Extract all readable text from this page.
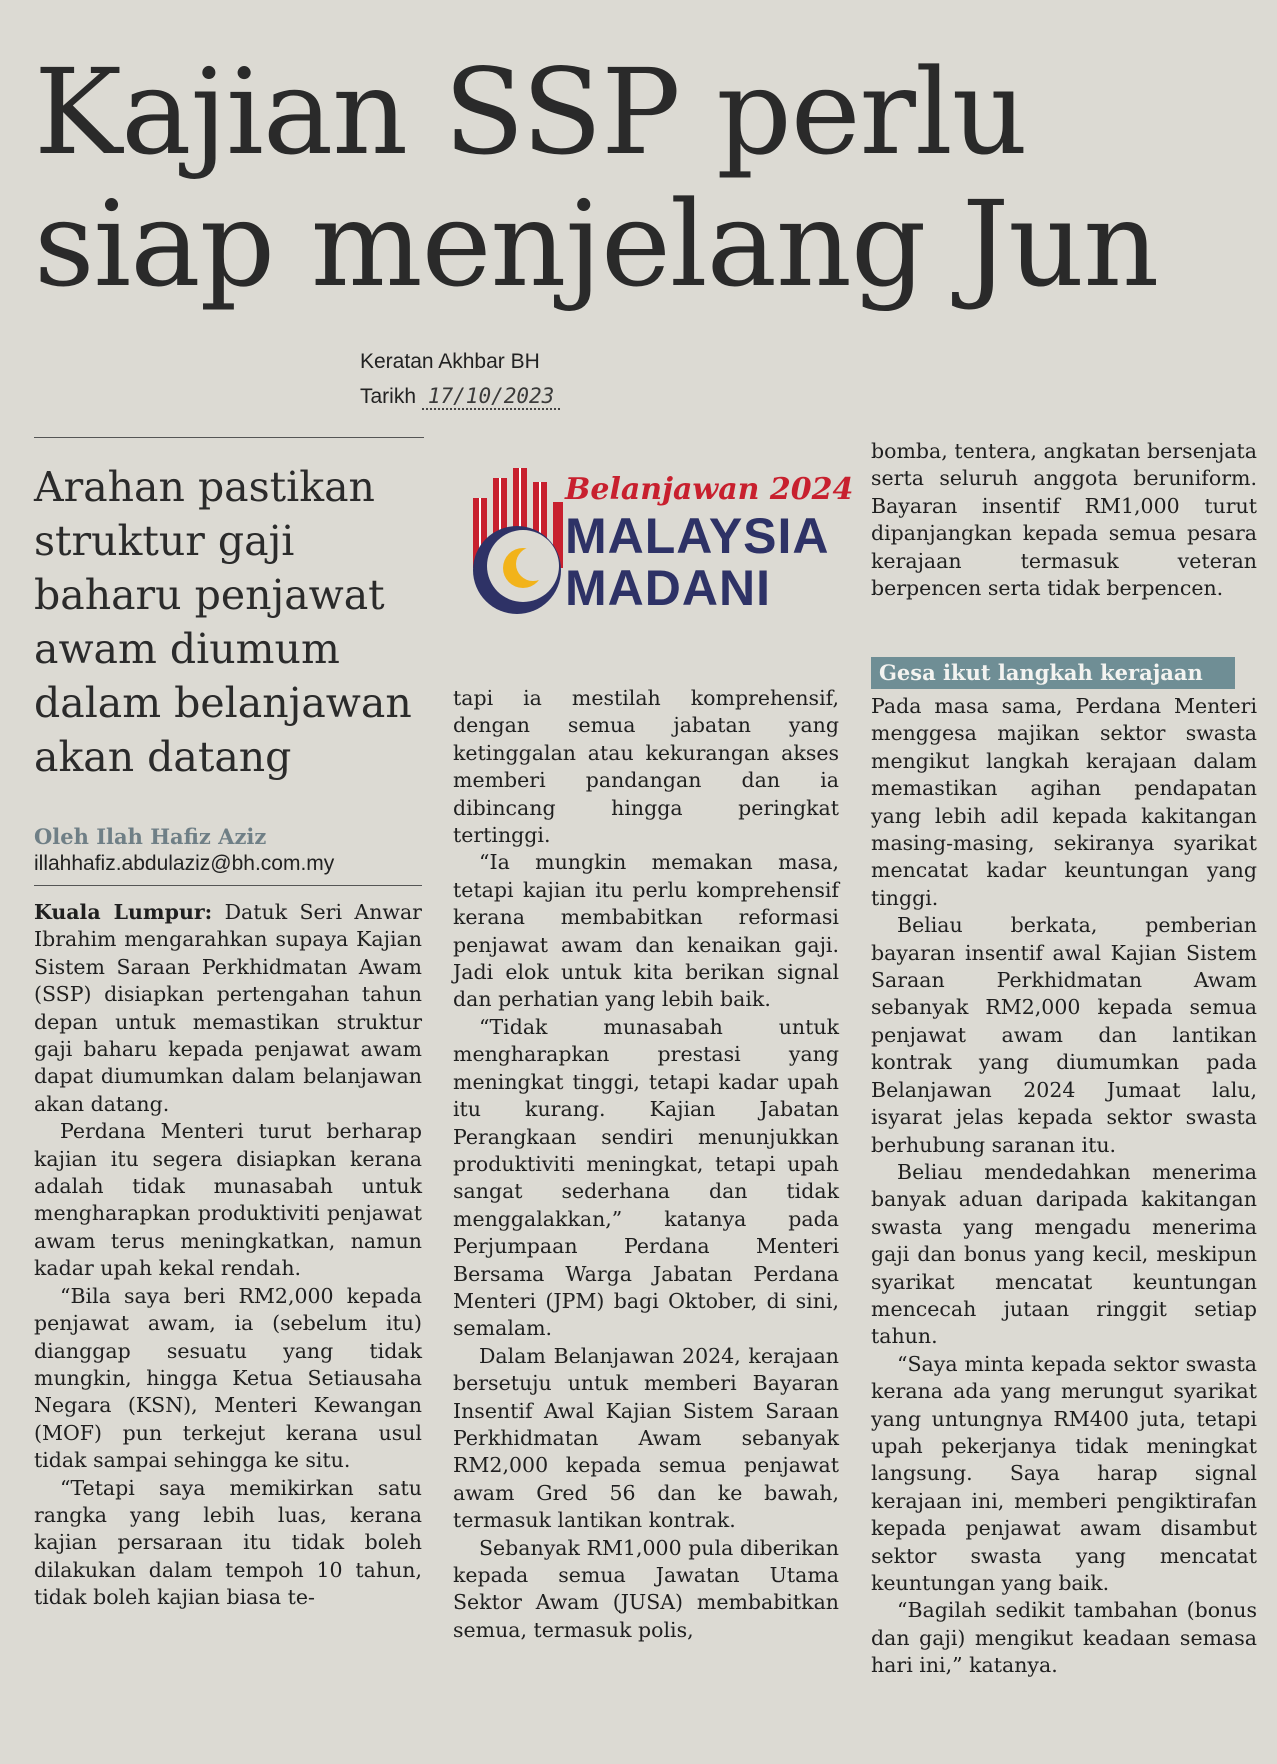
Kajian SSP perlu
siap menjelang Jun
Keratan Akhbar BH
Tarikh 17/10/2023
Arahan pastikan struktur gaji baharu penjawat awam diumum dalam belanjawan akan datang
Oleh Ilah Hafiz Aziz
illahhafiz.abdulaziz@bh.com.my
Belanjawan 2024
MALAYSIA
MADANI

Kuala Lumpur: Datuk Seri Anwar Ibrahim mengarahkan supaya Kajian Sistem Saraan Perkhidmatan Awam (SSP) disiapkan pertengahan tahun depan untuk memastikan struktur gaji baharu kepada penjawat awam dapat diumumkan dalam belanjawan akan datang.

Perdana Menteri turut berharap kajian itu segera disiapkan kerana adalah tidak munasabah untuk mengharapkan produktiviti penjawat awam terus meningkatkan, namun kadar upah kekal rendah.

“Bila saya beri RM2,000 kepada penjawat awam, ia (sebelum itu) dianggap sesuatu yang tidak mungkin, hingga Ketua Setiausaha Negara (KSN), Menteri Kewangan (MOF) pun terkejut kerana usul tidak sampai sehingga ke situ.

“Tetapi saya memikirkan satu rangka yang lebih luas, kerana kajian persaraan itu tidak boleh dilakukan dalam tempoh 10 tahun, tidak boleh kajian biasa te-

tapi ia mestilah komprehensif, dengan semua jabatan yang ketinggalan atau kekurangan akses memberi pandangan dan ia dibincang hingga peringkat tertinggi.

“Ia mungkin memakan masa, tetapi kajian itu perlu komprehensif kerana membabitkan reformasi penjawat awam dan kenaikan gaji. Jadi elok untuk kita berikan signal dan perhatian yang lebih baik.

“Tidak munasabah untuk mengharapkan prestasi yang meningkat tinggi, tetapi kadar upah itu kurang. Kajian Jabatan Perangkaan sendiri menunjukkan produktiviti meningkat, tetapi upah sangat sederhana dan tidak menggalakkan,” katanya pada Perjumpaan Perdana Menteri Bersama Warga Jabatan Perdana Menteri (JPM) bagi Oktober, di sini, semalam.

Dalam Belanjawan 2024, kerajaan bersetuju untuk memberi Bayaran Insentif Awal Kajian Sistem Saraan Perkhidmatan Awam sebanyak RM2,000 kepada semua penjawat awam Gred 56 dan ke bawah, termasuk lantikan kontrak.

Sebanyak RM1,000 pula diberikan kepada semua Jawatan Utama Sektor Awam (JUSA) membabitkan semua, termasuk polis,

bomba, tentera, angkatan bersenjata serta seluruh anggota beruniform. Bayaran insentif RM1,000 turut dipanjangkan kepada semua pesara kerajaan termasuk veteran berpencen serta tidak berpencen.

Gesa ikut langkah kerajaan

Pada masa sama, Perdana Menteri menggesa majikan sektor swasta mengikut langkah kerajaan dalam memastikan agihan pendapatan yang lebih adil kepada kakitangan masing-masing, sekiranya syarikat mencatat kadar keuntungan yang tinggi.

Beliau berkata, pemberian bayaran insentif awal Kajian Sistem Saraan Perkhidmatan Awam sebanyak RM2,000 kepada semua penjawat awam dan lantikan kontrak yang diumumkan pada Belanjawan 2024 Jumaat lalu, isyarat jelas kepada sektor swasta berhubung saranan itu.

Beliau mendedahkan menerima banyak aduan daripada kakitangan swasta yang mengadu menerima gaji dan bonus yang kecil, meskipun syarikat mencatat keuntungan mencecah jutaan ringgit setiap tahun.

“Saya minta kepada sektor swasta kerana ada yang merungut syarikat yang untungnya RM400 juta, tetapi upah pekerjanya tidak meningkat langsung. Saya harap signal kerajaan ini, memberi pengiktirafan kepada penjawat awam disambut sektor swasta yang mencatat keuntungan yang baik.

“Bagilah sedikit tambahan (bonus dan gaji) mengikut keadaan semasa hari ini,” katanya.
